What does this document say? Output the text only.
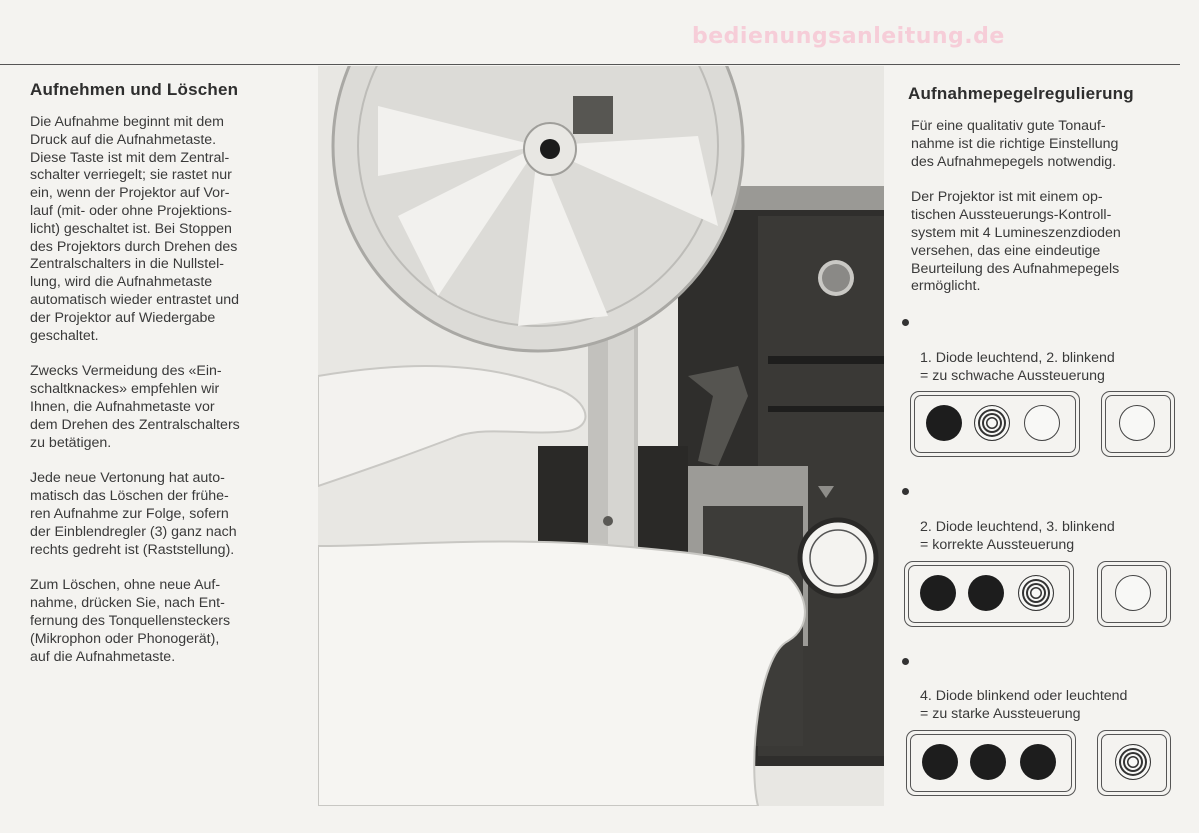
bedienungsanleitung.de
Aufnehmen und Löschen

Die Aufnahme beginnt mit dem
Druck auf die Aufnahmetaste.
Diese Taste ist mit dem Zentral-
schalter verriegelt; sie rastet nur
ein, wenn der Projektor auf Vor-
lauf (mit- oder ohne Projektions-
licht) geschaltet ist. Bei Stoppen
des Projektors durch Drehen des
Zentralschalters in die Nullstel-
lung, wird die Aufnahmetaste
automatisch wieder entrastet und
der Projektor auf Wiedergabe
geschaltet.

Zwecks Vermeidung des «Ein-
schaltknackes» empfehlen wir
Ihnen, die Aufnahmetaste vor
dem Drehen des Zentralschalters
zu betätigen.

Jede neue Vertonung hat auto-
matisch das Löschen der frühe-
ren Aufnahme zur Folge, sofern
der Einblendregler (3) ganz nach
rechts gedreht ist (Raststellung).

Zum Löschen, ohne neue Auf-
nahme, drücken Sie, nach Ent-
fernung des Tonquellensteckers
(Mikrophon oder Phonogerät),
auf die Aufnahmetaste.

Aufnahmepegelregulierung

Für eine qualitativ gute Tonauf-
nahme ist die richtige Einstellung
des Aufnahmepegels notwendig.

Der Projektor ist mit einem op-
tischen Aussteuerungs-Kontroll-
system mit 4 Lumineszenzdioden
versehen, das eine eindeutige
Beurteilung des Aufnahmepegels
ermöglicht.

1. Diode leuchtend, 2. blinkend
= zu schwache Aussteuerung

2. Diode leuchtend, 3. blinkend
= korrekte Aussteuerung

4. Diode blinkend oder leuchtend
= zu starke Aussteuerung
